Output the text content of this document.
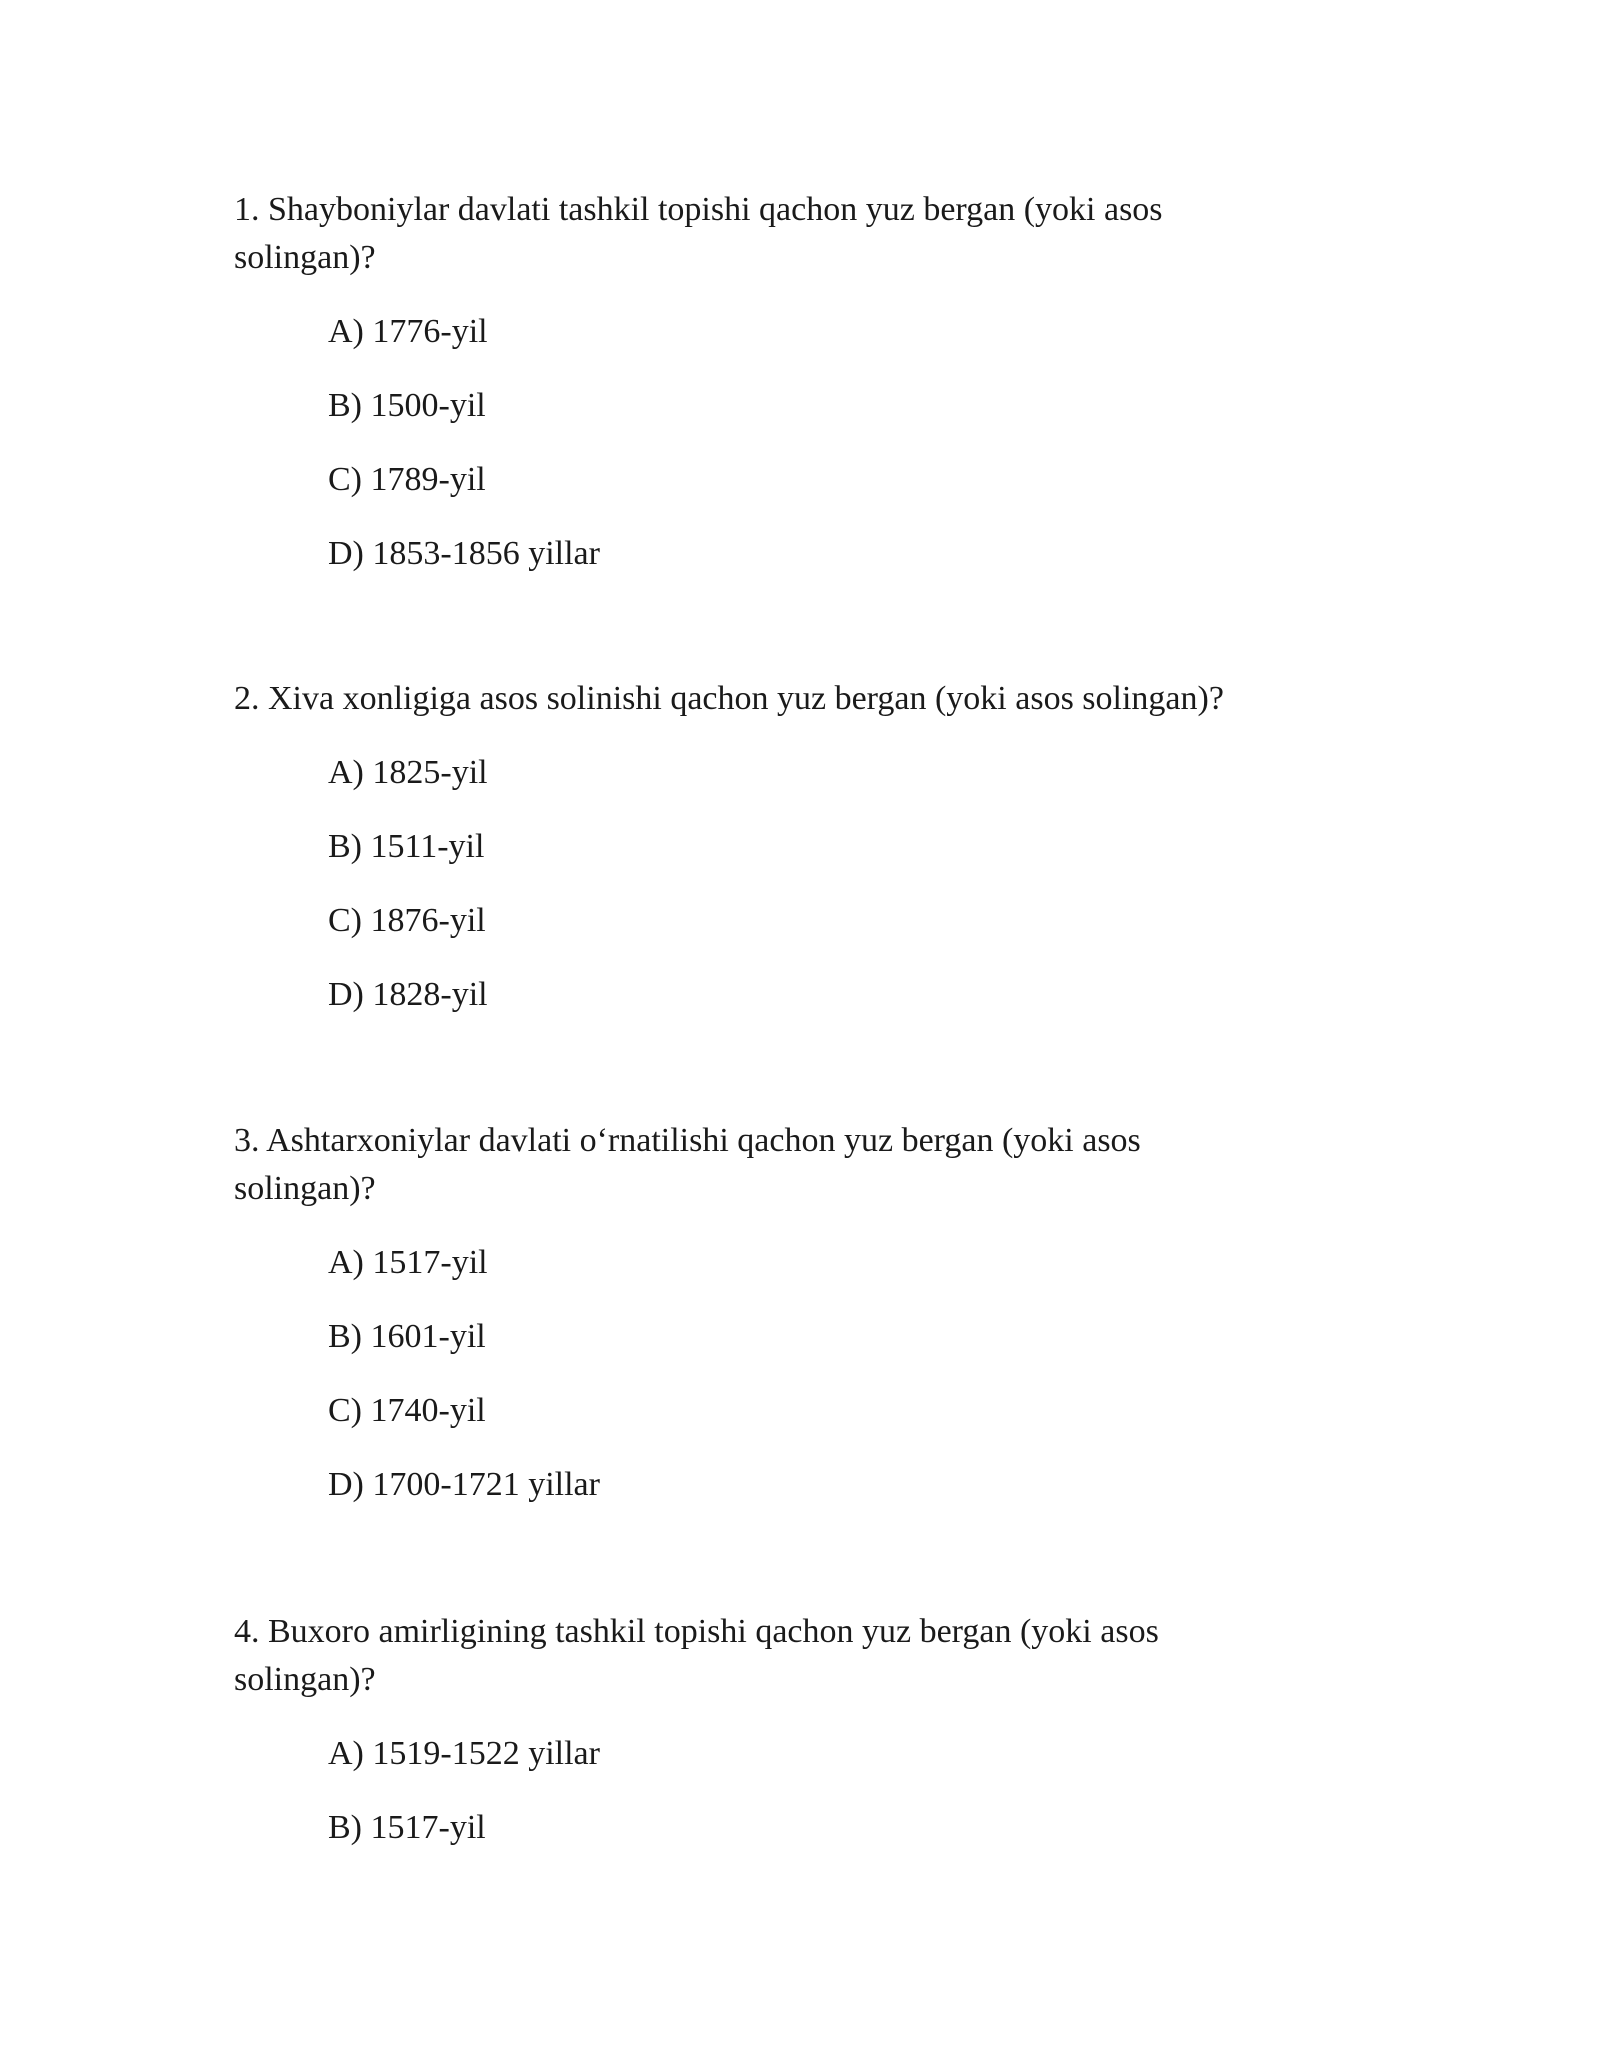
1. Shayboniylar davlati tashkil topishi qachon yuz bergan (yoki asos solingan)?

A) 1776-yil
B) 1500-yil
C) 1789-yil
D) 1853-1856 yillar

2. Xiva xonligiga asos solinishi qachon yuz bergan (yoki asos solingan)?

A) 1825-yil
B) 1511-yil
C) 1876-yil
D) 1828-yil

3. Ashtarxoniylar davlati o‘rnatilishi qachon yuz bergan (yoki asos solingan)?

A) 1517-yil
B) 1601-yil
C) 1740-yil
D) 1700-1721 yillar

4. Buxoro amirligining tashkil topishi qachon yuz bergan (yoki asos solingan)?

A) 1519-1522 yillar
B) 1517-yil
